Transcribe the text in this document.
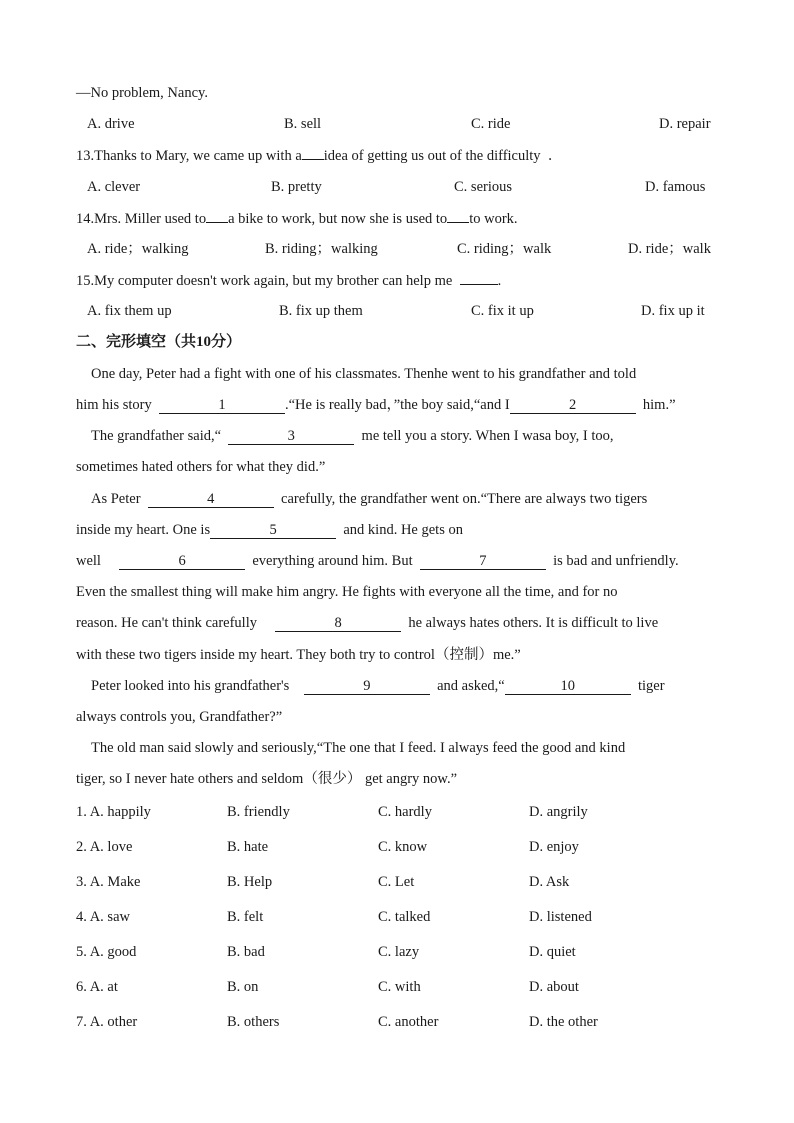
—No problem, Nancy.
A. drive	B. sell	C. ride	D. repair
13.Thanks to Mary, we came up with a idea of getting us out of the difficulty ．
A. clever	B. pretty	C. serious	D. famous
14.Mrs. Miller used to a bike to work, but now she is used to to work.
A. ride；walking	B. riding；walking	C. riding；walk	D. ride；walk
15.My computer doesn't work again, but my brother can help me	.
A. fix them up	B. fix up them	C. fix it up	D. fix up it
二、完形填空（共10分）
One day, Peter had a fight with one of his classmates. Thenhe went to his grandfather and told
him his story	1	.“He is really bad，”the boy said,“and I	2	him.”
The grandfather said,“	3	me tell you a story. When I wasa boy, I too,
sometimes hated others for what they did.”
As Peter	4	carefully, the grandfather went on.“There are always two tigers
inside my heart. One is	5	and kind. He gets on
well	6	everything around him. But	7	is bad and unfriendly.
Even the smallest thing will make him angry. He fights with everyone all the time, and for no
reason. He can't think carefully	8	he always hates others. It is difficult to live
with these two tigers inside my heart. They both try to control（控制）me.”
Peter looked into his grandfather's	9	and asked,“	10	tiger
always controls you, Grandfather?”
The old man said slowly and seriously,“The one that I feed. I always feed the good and kind
tiger, so I never hate others and seldom（很少） get angry now.”
1. A. happily	B. friendly	C. hardly	D. angrily
2. A. love	B. hate	C. know	D. enjoy
3. A. Make	B. Help	C. Let	D. Ask
4. A. saw	B. felt	C. talked	D. listened
5. A. good	B. bad	C. lazy	D. quiet
6. A. at	B. on	C. with	D. about
7. A. other	B. others	C. another	D. the other
